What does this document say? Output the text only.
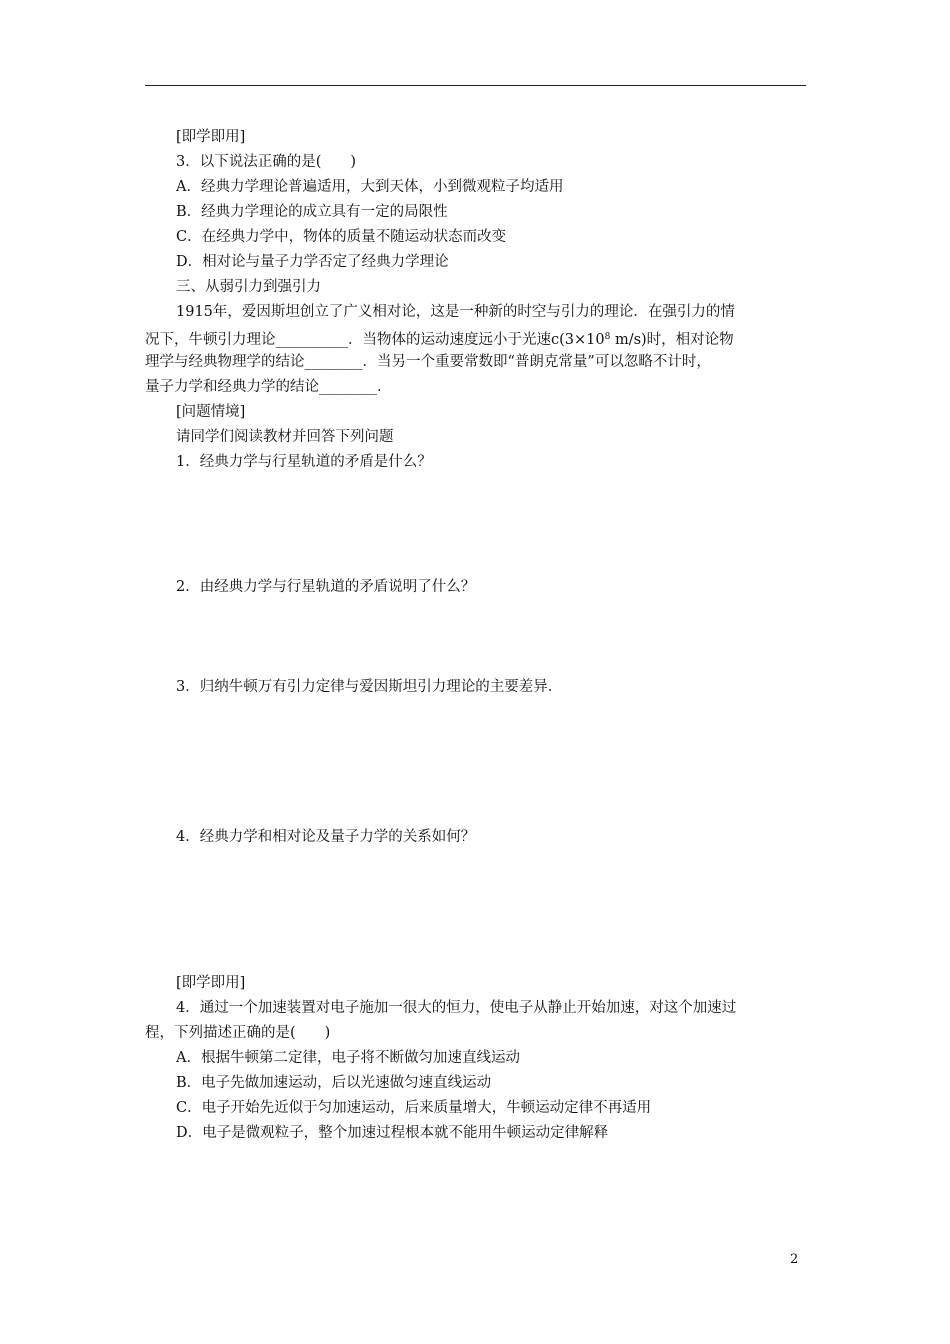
[即学即用]
3．以下说法正确的是(　　)
A．经典力学理论普遍适用，大到天体，小到微观粒子均适用
B．经典力学理论的成立具有一定的局限性
C．在经典力学中，物体的质量不随运动状态而改变
D．相对论与量子力学否定了经典力学理论
三、从弱引力到强引力
1915年，爱因斯坦创立了广义相对论，这是一种新的时空与引力的理论．在强引力的情
况下，牛顿引力理论__________．当物体的运动速度远小于光速$c(3\times 10^8$ m/s)时，相对论物
理学与经典物理学的结论________．当另一个重要常数即“普朗克常量”可以忽略不计时，
量子力学和经典力学的结论________．
[问题情境]
请同学们阅读教材并回答下列问题
1．经典力学与行星轨道的矛盾是什么？
2．由经典力学与行星轨道的矛盾说明了什么？
3．归纳牛顿万有引力定律与爱因斯坦引力理论的主要差异．
4．经典力学和相对论及量子力学的关系如何？
[即学即用]
4．通过一个加速装置对电子施加一很大的恒力，使电子从静止开始加速，对这个加速过
程，下列描述正确的是(　　)
A．根据牛顿第二定律，电子将不断做匀加速直线运动
B．电子先做加速运动，后以光速做匀速直线运动
C．电子开始先近似于匀加速运动，后来质量增大，牛顿运动定律不再适用
D．电子是微观粒子，整个加速过程根本就不能用牛顿运动定律解释
2
